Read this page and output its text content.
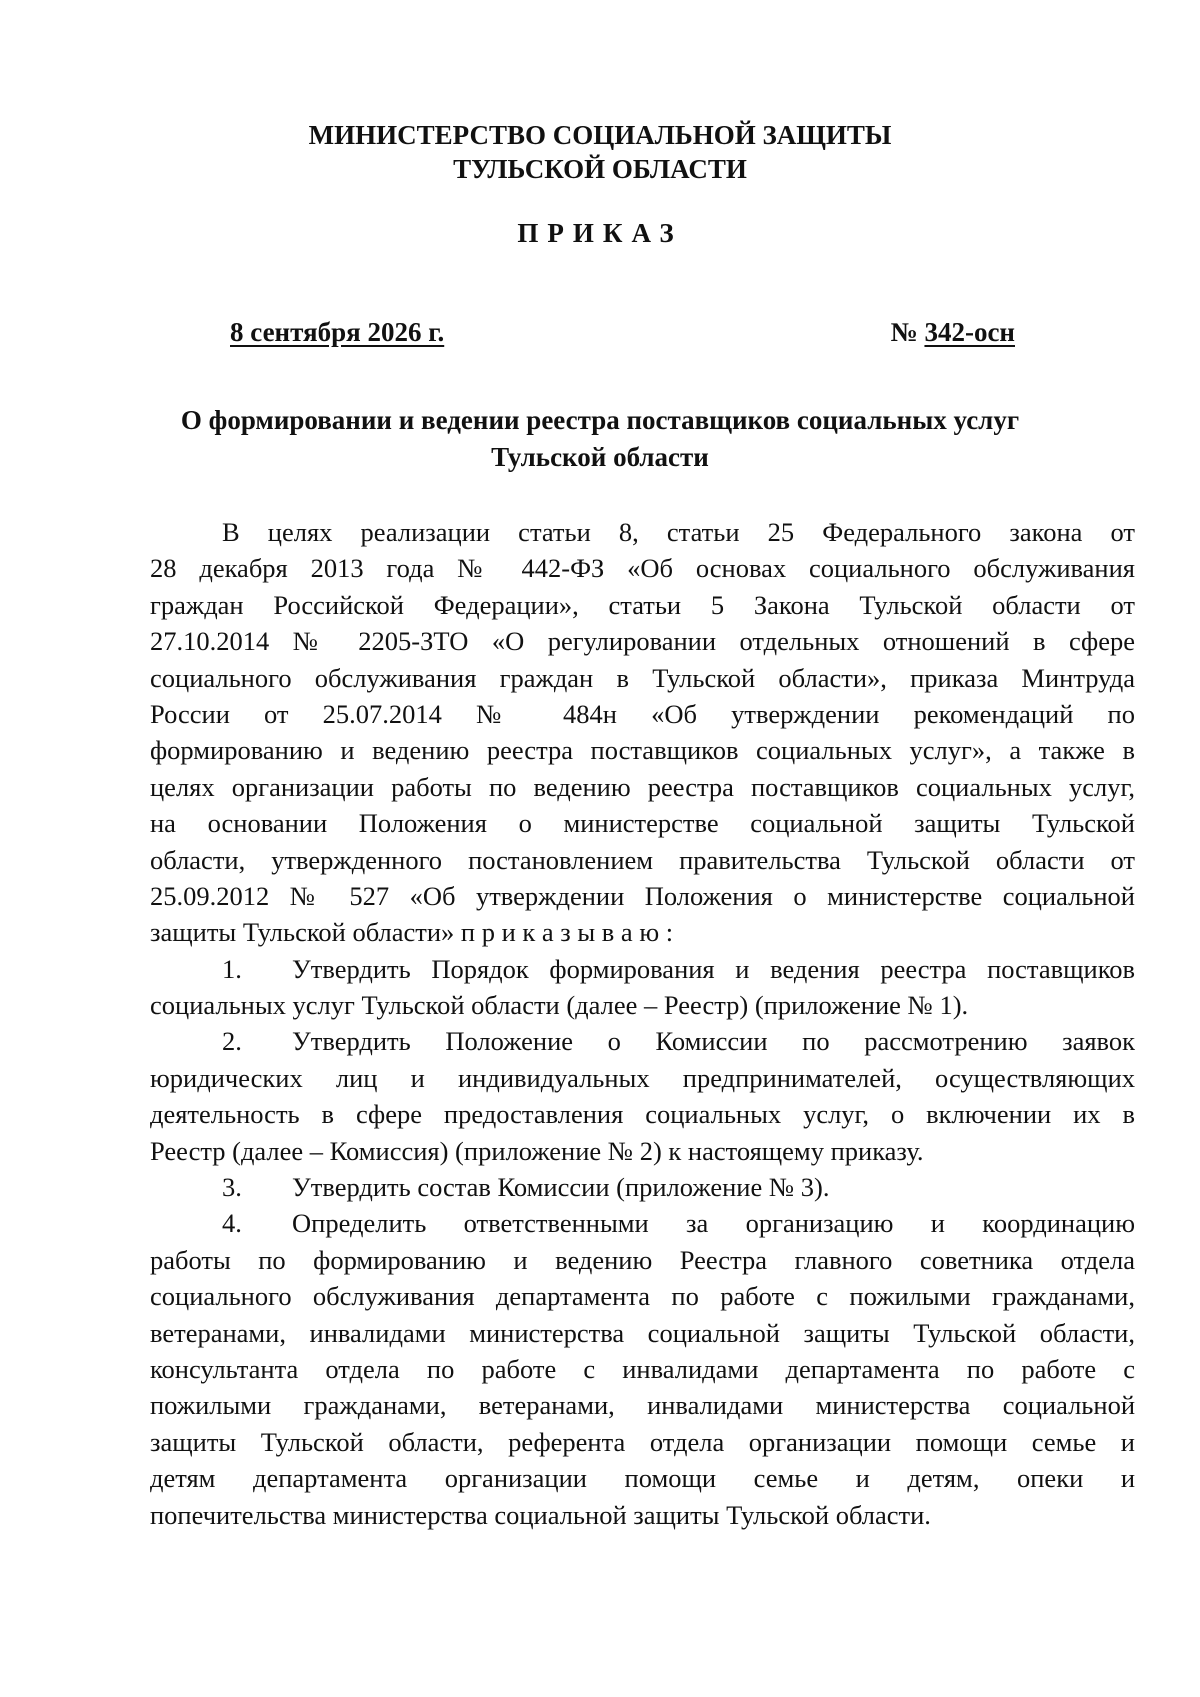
МИНИСТЕРСТВО СОЦИАЛЬНОЙ ЗАЩИТЫ
ТУЛЬСКОЙ ОБЛАСТИ
ПРИКАЗ
8 сентября 2026 г.	№ 342-осн
О формировании и ведении реестра поставщиков социальных услуг
Тульской области
В целях реализации статьи 8, статьи 25 Федерального закона от
28 декабря 2013 года № 442-ФЗ «Об основах социального обслуживания
граждан Российской Федерации», статьи 5 Закона Тульской области от
27.10.2014 № 2205-ЗТО «О регулировании отдельных отношений в сфере
социального обслуживания граждан в Тульской области», приказа Минтруда
России от 25.07.2014 № 484н «Об утверждении рекомендаций по
формированию и ведению реестра поставщиков социальных услуг», а также в
целях организации работы по ведению реестра поставщиков социальных услуг,
на основании Положения о министерстве социальной защиты Тульской
области, утвержденного постановлением правительства Тульской области от
25.09.2012 № 527 «Об утверждении Положения о министерстве социальной
защиты Тульской области» п р и к а з ы в а ю :
1. Утвердить Порядок формирования и ведения реестра поставщиков
социальных услуг Тульской области (далее – Реестр) (приложение № 1).
2. Утвердить Положение о Комиссии по рассмотрению заявок
юридических лиц и индивидуальных предпринимателей, осуществляющих
деятельность в сфере предоставления социальных услуг, о включении их в
Реестр (далее – Комиссия) (приложение № 2) к настоящему приказу.
3. Утвердить состав Комиссии (приложение № 3).
4. Определить ответственными за организацию и координацию
работы по формированию и ведению Реестра главного советника отдела
социального обслуживания департамента по работе с пожилыми гражданами,
ветеранами, инвалидами министерства социальной защиты Тульской области,
консультанта отдела по работе с инвалидами департамента по работе с
пожилыми гражданами, ветеранами, инвалидами министерства социальной
защиты Тульской области, референта отдела организации помощи семье и
детям департамента организации помощи семье и детям, опеки и
попечительства министерства социальной защиты Тульской области.
